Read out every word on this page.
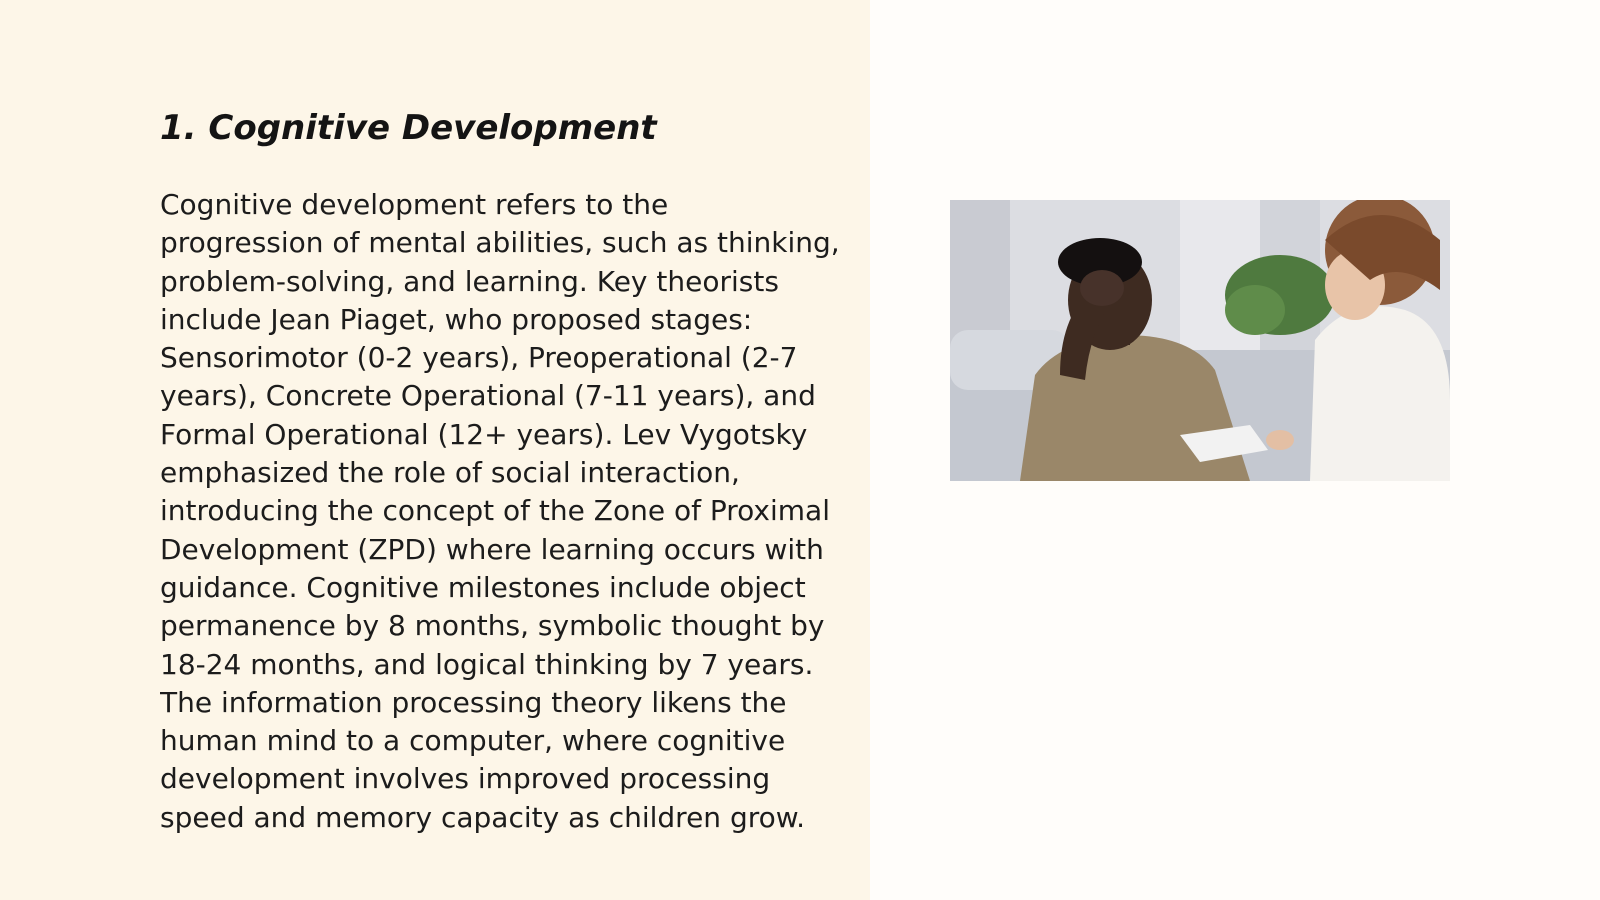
1. Cognitive Development

Cognitive development refers to the progression of mental abilities, such as thinking, problem-solving, and learning. Key theorists include Jean Piaget, who proposed stages: Sensorimotor (0-2 years), Preoperational (2-7 years), Concrete Operational (7-11 years), and Formal Operational (12+ years). Lev Vygotsky emphasized the role of social interaction, introducing the concept of the Zone of Proximal Development (ZPD) where learning occurs with guidance. Cognitive milestones include object permanence by 8 months, symbolic thought by 18-24 months, and logical thinking by 7 years. The information processing theory likens the human mind to a computer, where cognitive development involves improved processing speed and memory capacity as children grow.
